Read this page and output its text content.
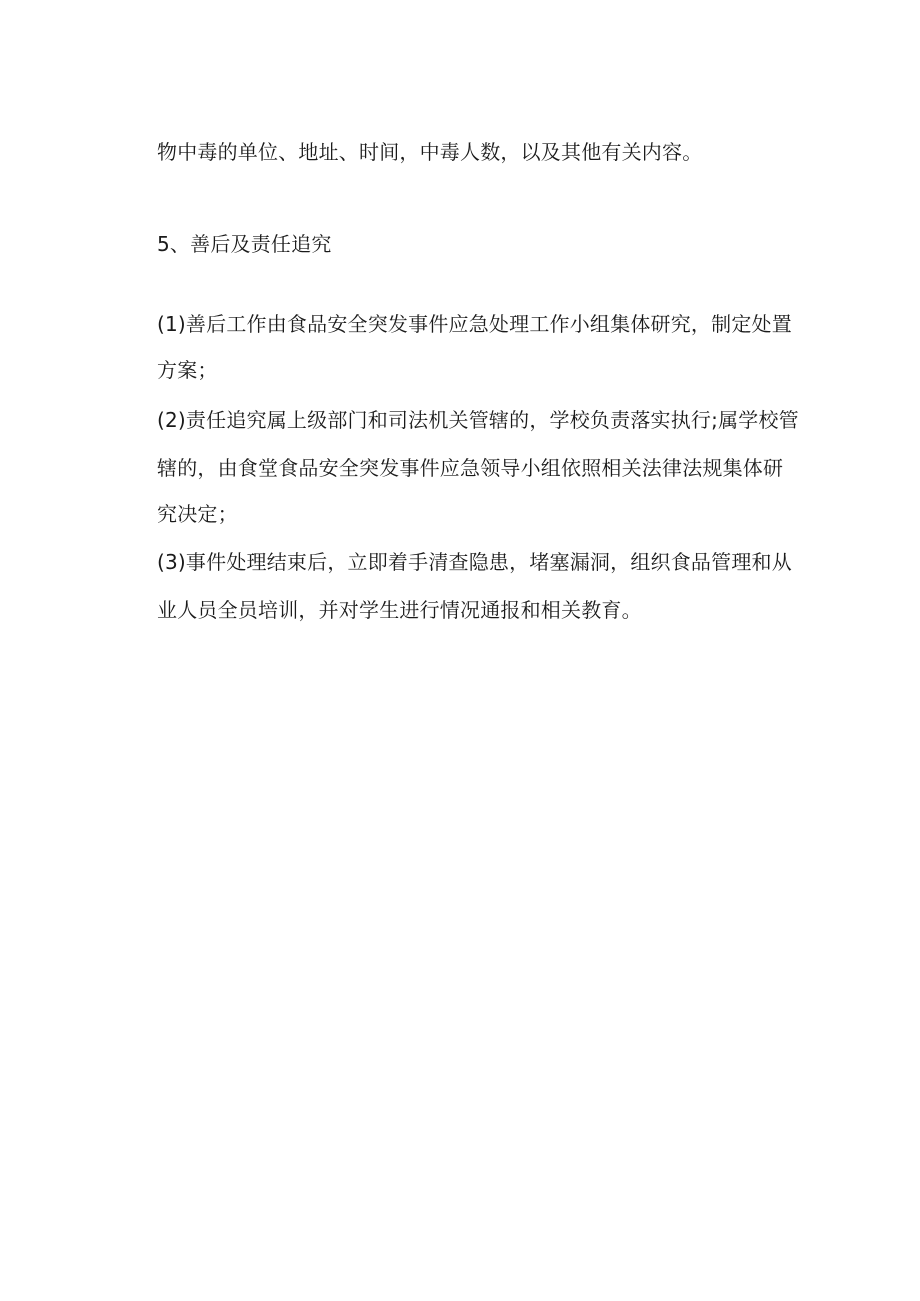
物中毒的单位、地址、时间，中毒人数，以及其他有关内容。
5、善后及责任追究
(1)善后工作由食品安全突发事件应急处理工作小组集体研究，制定处置
方案；
(2)责任追究属上级部门和司法机关管辖的，学校负责落实执行;属学校管
辖的，由食堂食品安全突发事件应急领导小组依照相关法律法规集体研
究决定；
(3)事件处理结束后，立即着手清查隐患，堵塞漏洞，组织食品管理和从
业人员全员培训，并对学生进行情况通报和相关教育。
